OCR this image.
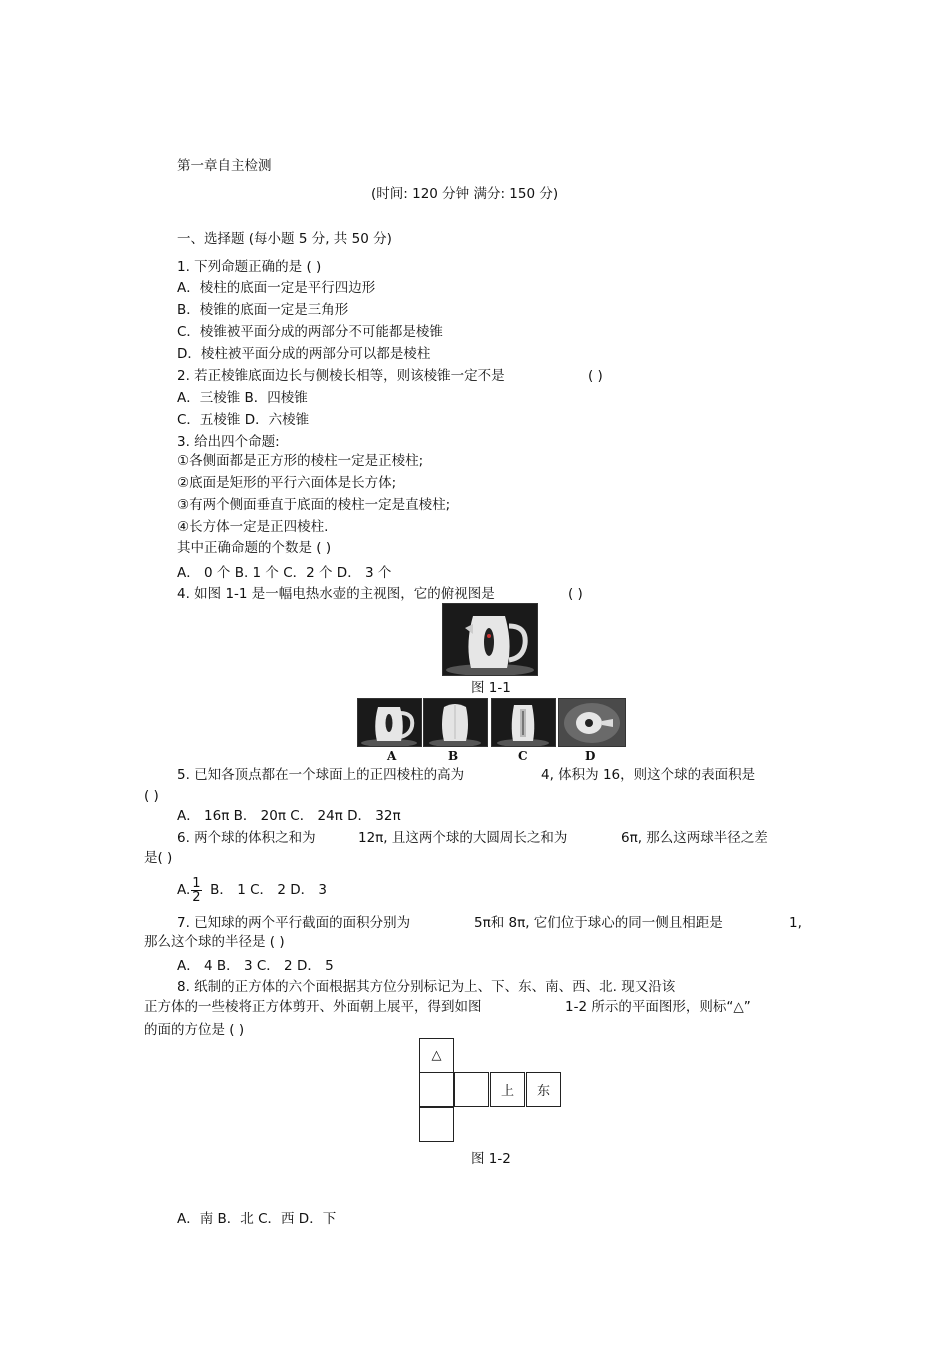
第一章自主检测
(时间: 120 分钟 满分: 150 分)
一、选择题 (每小题 5 分, 共 50 分)
1. 下列命题正确的是 ( )
A．棱柱的底面一定是平行四边形
B．棱锥的底面一定是三角形
C．棱锥被平面分成的两部分不可能都是棱锥
D．棱柱被平面分成的两部分可以都是棱柱
2. 若正棱锥底面边长与侧棱长相等，则该棱锥一定不是	( )
A．三棱锥 B．四棱锥
C．五棱锥 D．六棱锥
3. 给出四个命题:
①各侧面都是正方形的棱柱一定是正棱柱;
②底面是矩形的平行六面体是长方体;
③有两个侧面垂直于底面的棱柱一定是直棱柱;
④长方体一定是正四棱柱.
其中正确命题的个数是 ( )
A． 0 个 B. 1 个 C．2 个 D． 3 个
4. 如图 1-1 是一幅电热水壶的主视图，它的俯视图是	( )
图 1-1
A	B	C	D
5. 已知各顶点都在一个球面上的正四棱柱的高为	4, 体积为 16，则这个球的表面积是
( )
A． 16π B． 20π C． 24π D． 32π
6. 两个球的体积之和为	12π, 且这两个球的大圆周长之和为	6π, 那么这两球半径之差
是( )
A. $\frac{1}{2}$ B． 1 C． 2 D． 3
7. 已知球的两个平行截面的面积分别为	5π和 8π, 它们位于球心的同一侧且相距是	1,
那么这个球的半径是 ( )
A． 4 B． 3 C． 2 D． 5
8. 纸制的正方体的六个面根据其方位分别标记为上、下、东、南、西、北. 现又沿该
正方体的一些棱将正方体剪开、外面朝上展平，得到如图	1-2 所示的平面图形，则标“△”
的面的方位是 ( )
△
上 东
图 1-2
A．南 B．北 C．西 D．下
